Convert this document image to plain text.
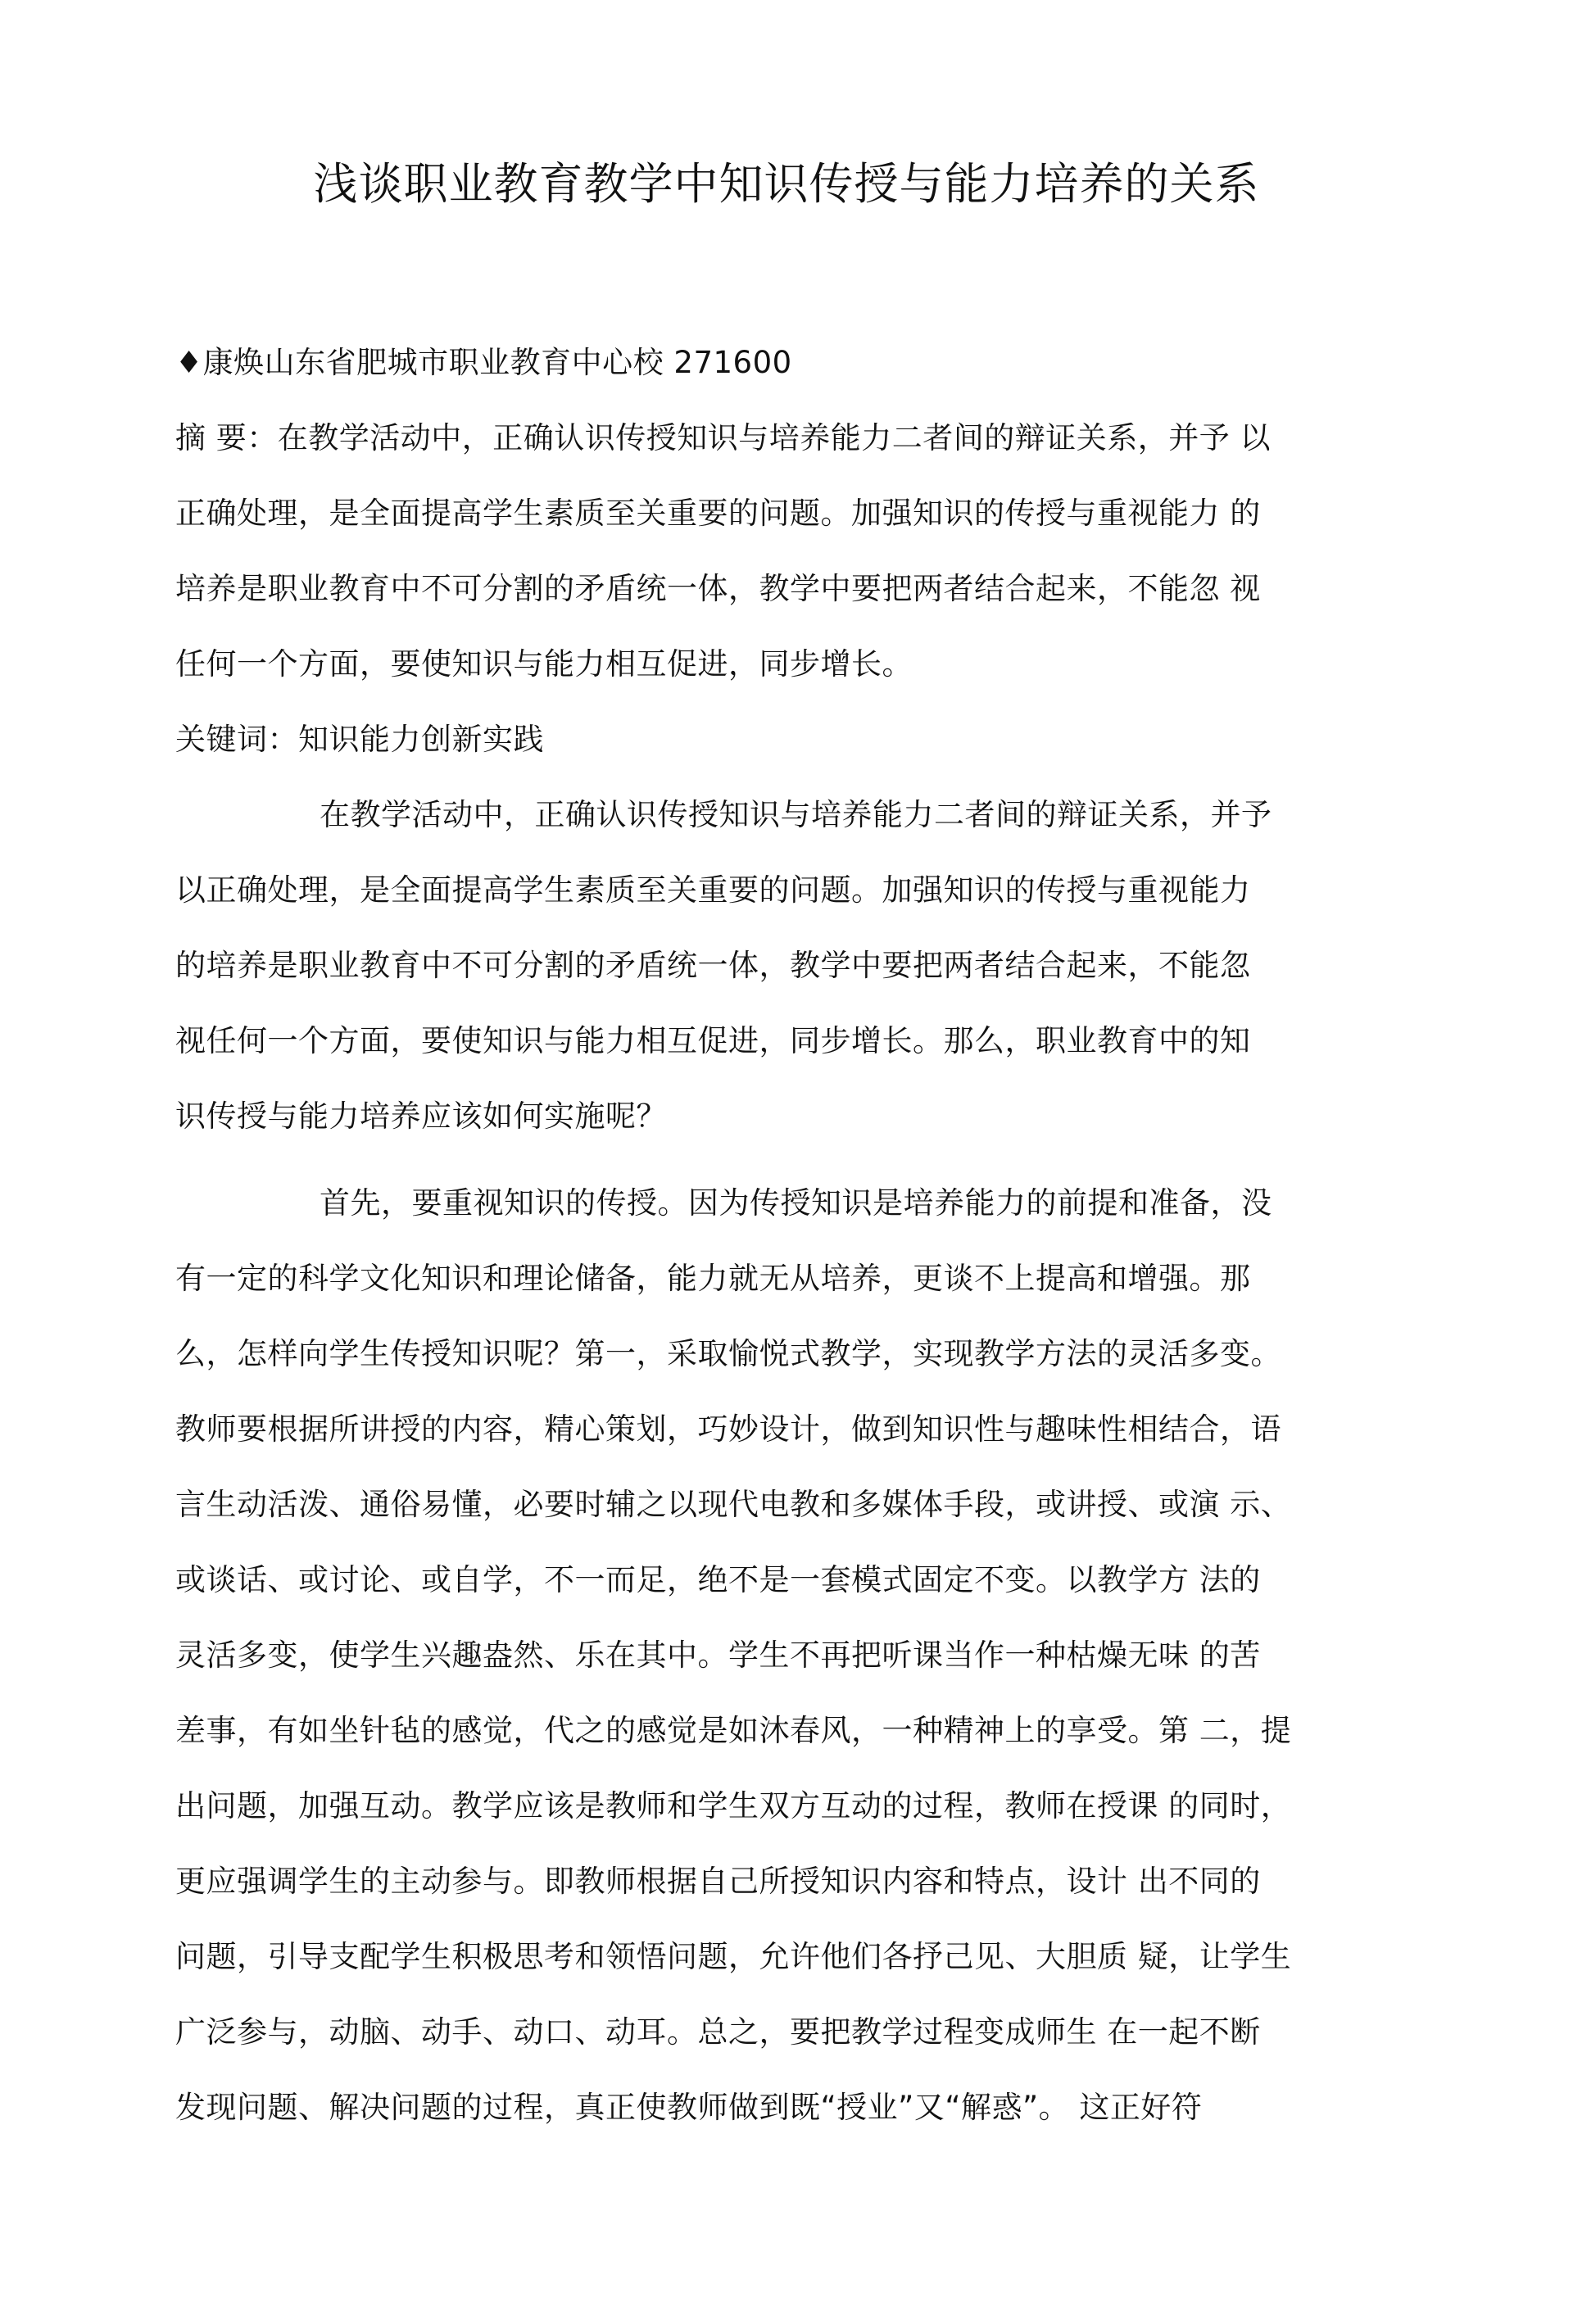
浅谈职业教育教学中知识传授与能力培养的关系

♦康焕山东省肥城市职业教育中心校 271600

摘 要：在教学活动中，正确认识传授知识与培养能力二者间的辩证关系，并予 以

正确处理，是全面提高学生素质至关重要的问题。加强知识的传授与重视能力 的

培养是职业教育中不可分割的矛盾统一体，教学中要把两者结合起来，不能忽 视

任何一个方面，要使知识与能力相互促进，同步增长。

关键词：知识能力创新实践

在教学活动中，正确认识传授知识与培养能力二者间的辩证关系，并予

以正确处理，是全面提高学生素质至关重要的问题。加强知识的传授与重视能力

的培养是职业教育中不可分割的矛盾统一体，教学中要把两者结合起来，不能忽

视任何一个方面，要使知识与能力相互促进，同步增长。那么，职业教育中的知

识传授与能力培养应该如何实施呢？

首先，要重视知识的传授。因为传授知识是培养能力的前提和准备，没

有一定的科学文化知识和理论储备，能力就无从培养，更谈不上提高和增强。那

么，怎样向学生传授知识呢？第一，采取愉悦式教学，实现教学方法的灵活多变。

教师要根据所讲授的内容，精心策划，巧妙设计，做到知识性与趣味性相结合，语

言生动活泼、通俗易懂，必要时辅之以现代电教和多媒体手段，或讲授、或演 示、

或谈话、或讨论、或自学，不一而足，绝不是一套模式固定不变。以教学方 法的

灵活多变，使学生兴趣盎然、乐在其中。学生不再把听课当作一种枯燥无味 的苦

差事，有如坐针毡的感觉，代之的感觉是如沐春风，一种精神上的享受。第 二，提

出问题，加强互动。教学应该是教师和学生双方互动的过程，教师在授课 的同时，

更应强调学生的主动参与。即教师根据自己所授知识内容和特点，设计 出不同的

问题，引导支配学生积极思考和领悟问题，允许他们各抒己见、大胆质 疑，让学生

广泛参与，动脑、动手、动口、动耳。总之，要把教学过程变成师生 在一起不断

发现问题、解决问题的过程，真正使教师做到既“授业”又“解惑”。 这正好符
